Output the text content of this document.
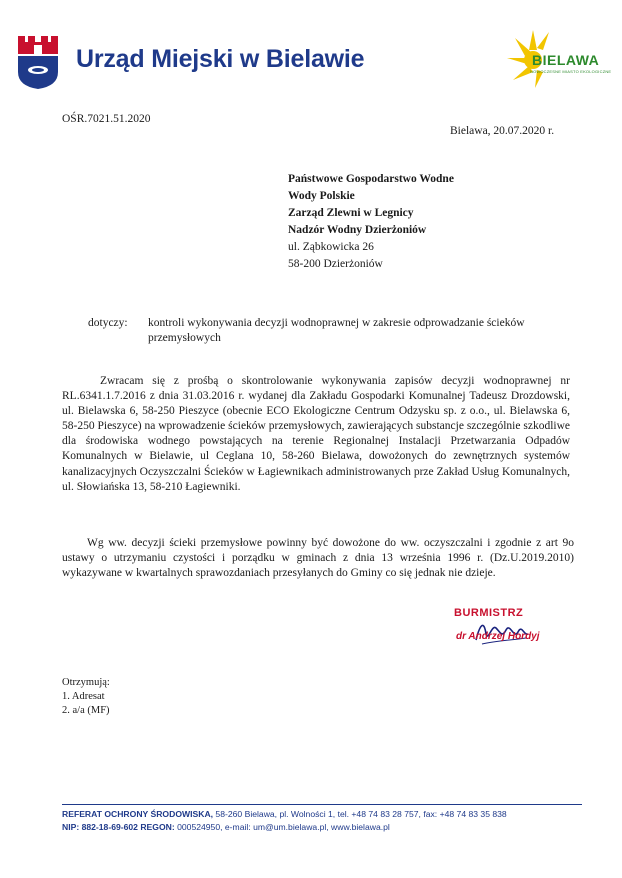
Urząd Miejski w Bielawie	BIELAWA
NOWOCZESNE MIASTO EKOLOGICZNE
OŚR.7021.51.2020
Bielawa, 20.07.2020 r.
Państwowe Gospodarstwo Wodne
Wody Polskie
Zarząd Zlewni w Legnicy
Nadzór Wodny Dzierżoniów
ul. Ząbkowicka 26
58-200 Dzierżoniów
dotyczy: kontroli wykonywania decyzji wodnoprawnej w zakresie odprowadzanie ścieków
przemysłowych
Zwracam się z prośbą o skontrolowanie wykonywania zapisów decyzji wodnoprawnej nr RL.6341.1.7.2016 z dnia 31.03.2016 r. wydanej dla Zakładu Gospodarki Komunalnej Tadeusz Drozdowski, ul. Bielawska 6, 58-250 Pieszyce (obecnie ECO Ekologiczne Centrum Odzysku sp. z o.o., ul. Bielawska 6, 58-250 Pieszyce) na wprowadzenie ścieków przemysłowych, zawierających substancje szczególnie szkodliwe dla środowiska wodnego powstających na terenie Regionalnej Instalacji Przetwarzania Odpadów Komunalnych w Bielawie, ul Ceglana 10, 58-260 Bielawa, dowożonych do zewnętrznych systemów kanalizacyjnych Oczyszczalni Ścieków w Łagiewnikach administrowanych prze Zakład Usług Komunalnych, ul. Słowiańska 13, 58-210 Łagiewniki.
Wg ww. decyzji ścieki przemysłowe powinny być dowożone do ww. oczyszczalni i zgodnie z art 9o ustawy o utrzymaniu czystości i porządku w gminach z dnia 13 września 1996 r. (Dz.U.2019.2010) wykazywane w kwartalnych sprawozdaniach przesyłanych do Gminy co się jednak nie dzieje.
BURMISTRZ
dr Andrzej Hordyj
Otrzymują:
1. Adresat
2. a/a (MF)
REFERAT OCHRONY ŚRODOWISKA, 58-260 Bielawa, pl. Wolności 1, tel. +48 74 83 28 757, fax: +48 74 83 35 838
NIP: 882-18-69-602 REGON: 000524950, e-mail: um@um.bielawa.pl, www.bielawa.pl
